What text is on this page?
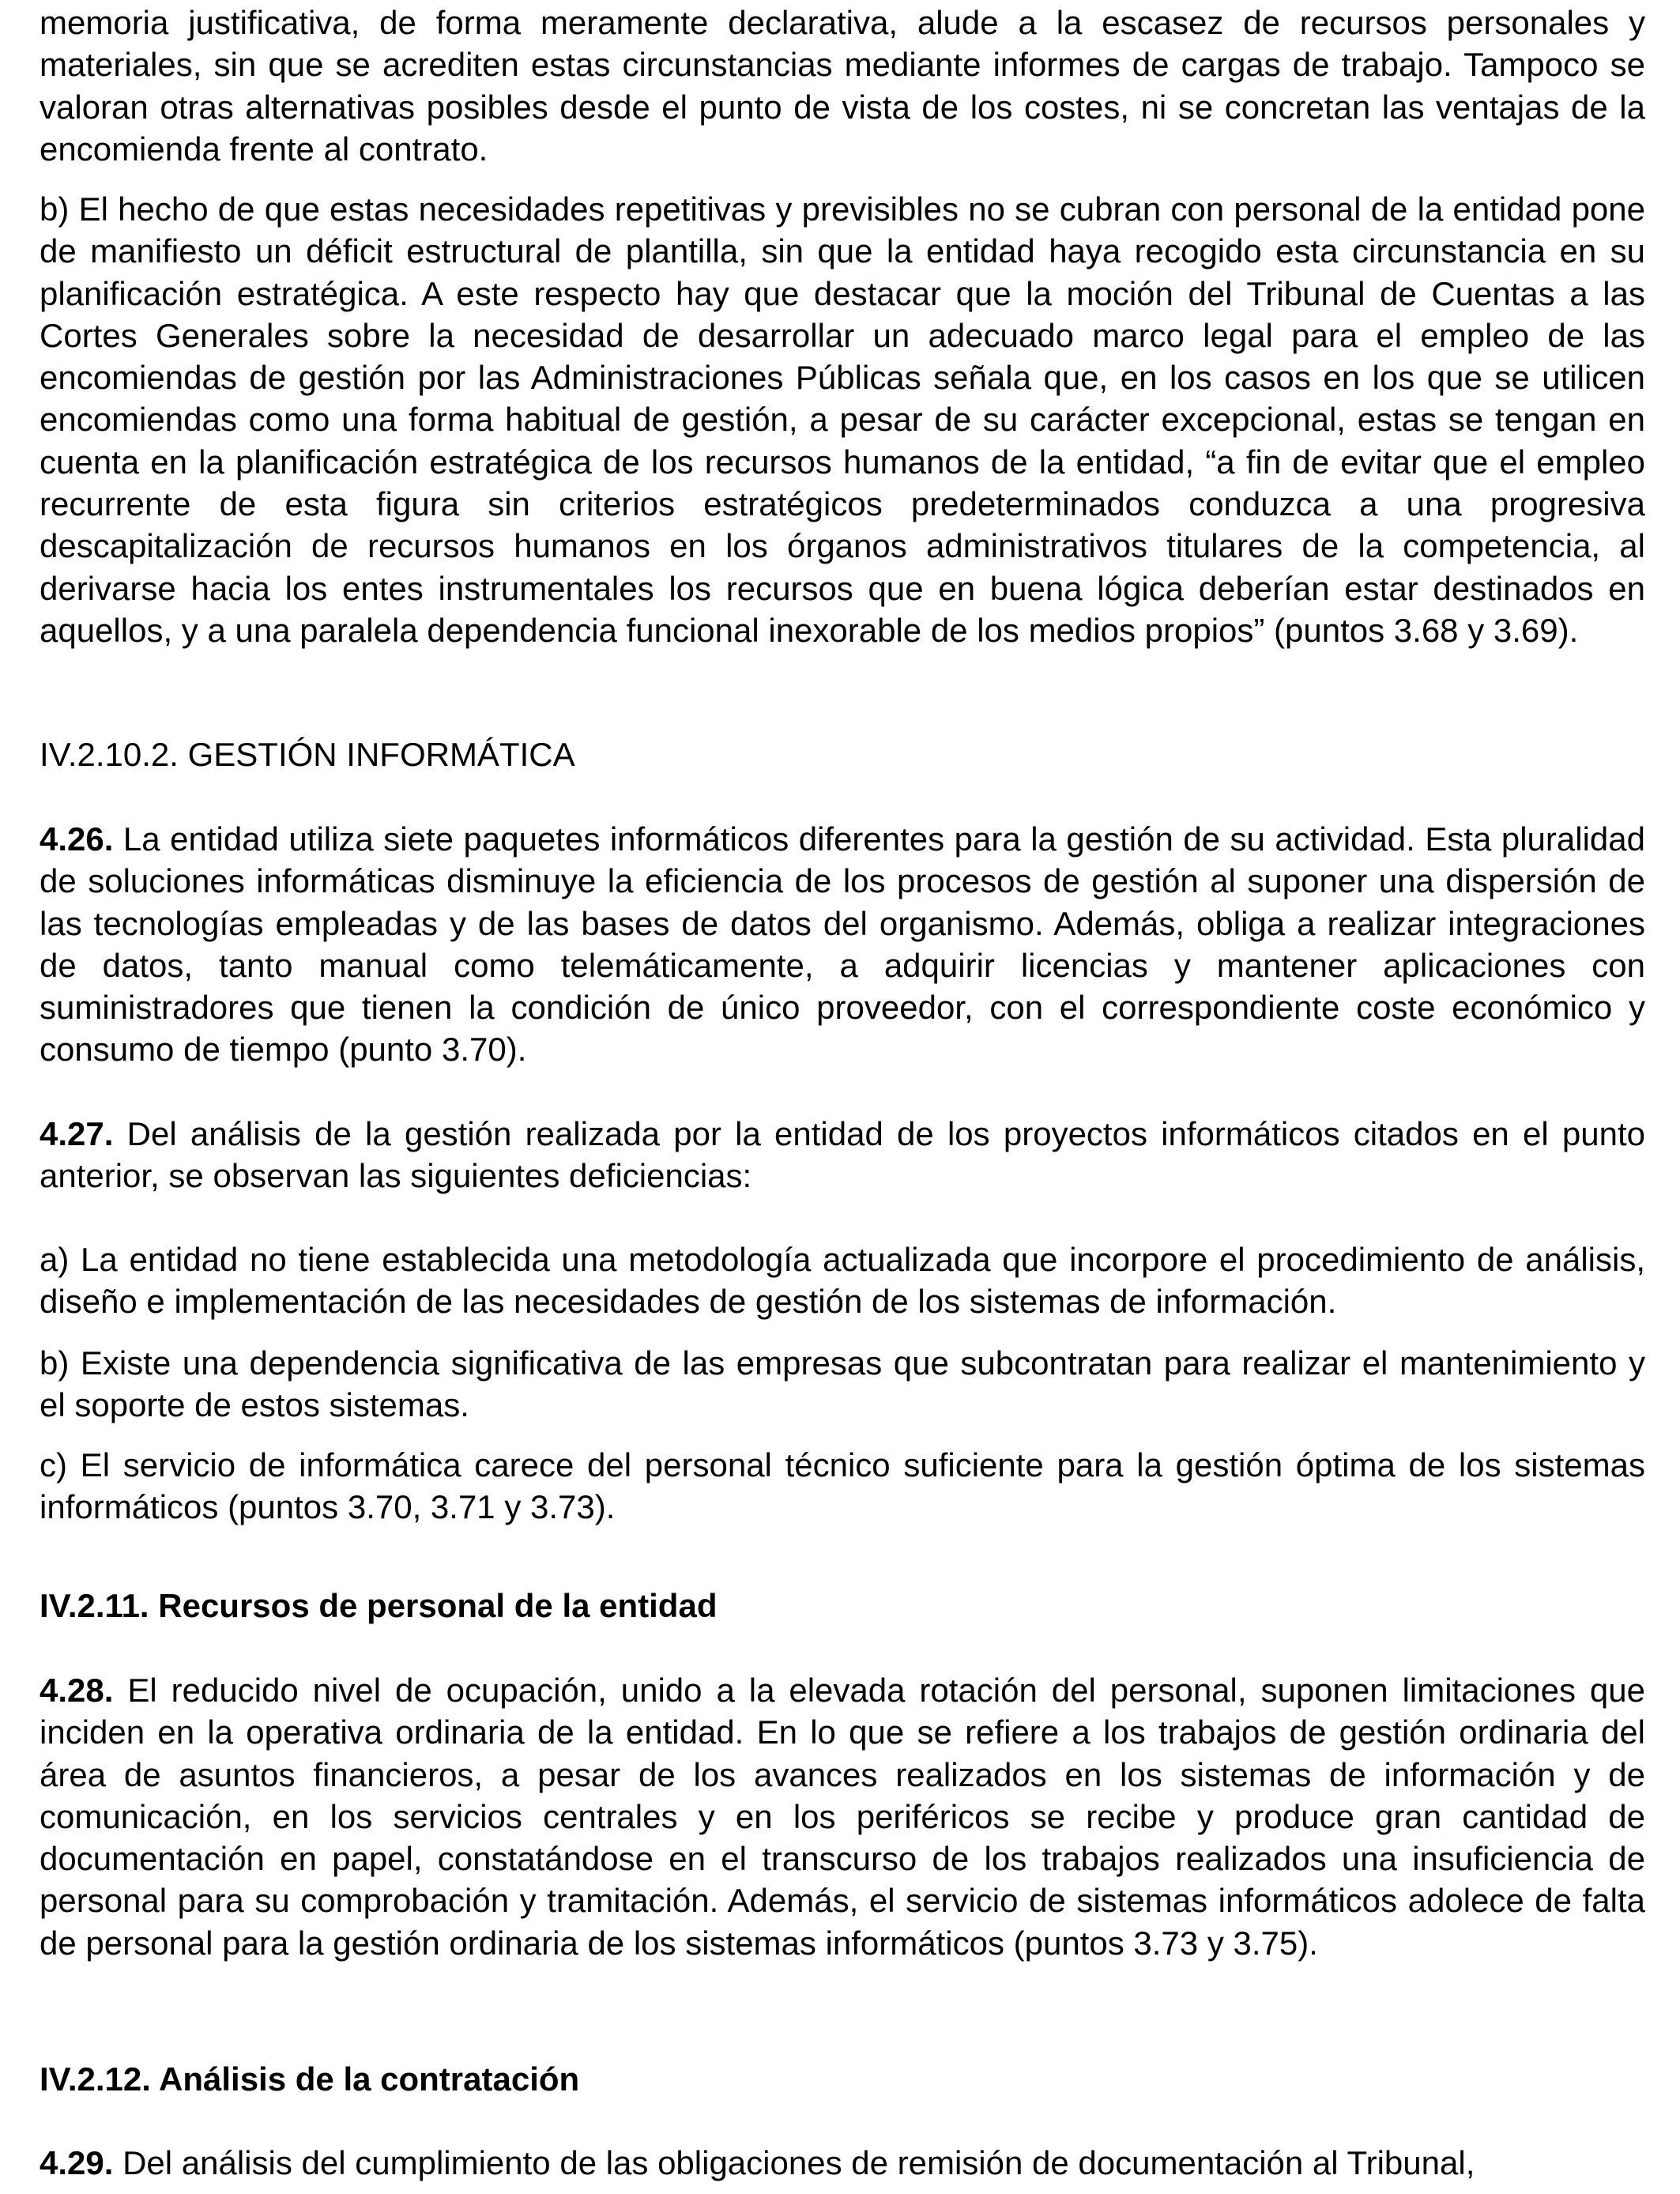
memoria justificativa, de forma meramente declarativa, alude a la escasez de recursos personales y materiales, sin que se acrediten estas circunstancias mediante informes de cargas de trabajo. Tampoco se valoran otras alternativas posibles desde el punto de vista de los costes, ni se concretan las ventajas de la encomienda frente al contrato.

b) El hecho de que estas necesidades repetitivas y previsibles no se cubran con personal de la entidad pone de manifiesto un déficit estructural de plantilla, sin que la entidad haya recogido esta circunstancia en su planificación estratégica. A este respecto hay que destacar que la moción del Tribunal de Cuentas a las Cortes Generales sobre la necesidad de desarrollar un adecuado marco legal para el empleo de las encomiendas de gestión por las Administraciones Públicas señala que, en los casos en los que se utilicen encomiendas como una forma habitual de gestión, a pesar de su carácter excepcional, estas se tengan en cuenta en la planificación estratégica de los recursos humanos de la entidad, “a fin de evitar que el empleo recurrente de esta figura sin criterios estratégicos predeterminados conduzca a una progresiva descapitalización de recursos humanos en los órganos administrativos titulares de la competencia, al derivarse hacia los entes instrumentales los recursos que en buena lógica deberían estar destinados en aquellos, y a una paralela dependencia funcional inexorable de los medios propios” (puntos 3.68 y 3.69).

IV.2.10.2. GESTIÓN INFORMÁTICA

4.26. La entidad utiliza siete paquetes informáticos diferentes para la gestión de su actividad. Esta pluralidad de soluciones informáticas disminuye la eficiencia de los procesos de gestión al suponer una dispersión de las tecnologías empleadas y de las bases de datos del organismo. Además, obliga a realizar integraciones de datos, tanto manual como telemáticamente, a adquirir licencias y mantener aplicaciones con suministradores que tienen la condición de único proveedor, con el correspondiente coste económico y consumo de tiempo (punto 3.70).

4.27. Del análisis de la gestión realizada por la entidad de los proyectos informáticos citados en el punto anterior, se observan las siguientes deficiencias:

a) La entidad no tiene establecida una metodología actualizada que incorpore el procedimiento de análisis, diseño e implementación de las necesidades de gestión de los sistemas de información.

b) Existe una dependencia significativa de las empresas que subcontratan para realizar el mantenimiento y el soporte de estos sistemas.

c) El servicio de informática carece del personal técnico suficiente para la gestión óptima de los sistemas informáticos (puntos 3.70, 3.71 y 3.73).

IV.2.11. Recursos de personal de la entidad

4.28. El reducido nivel de ocupación, unido a la elevada rotación del personal, suponen limitaciones que inciden en la operativa ordinaria de la entidad. En lo que se refiere a los trabajos de gestión ordinaria del área de asuntos financieros, a pesar de los avances realizados en los sistemas de información y de comunicación, en los servicios centrales y en los periféricos se recibe y produce gran cantidad de documentación en papel, constatándose en el transcurso de los trabajos realizados una insuficiencia de personal para su comprobación y tramitación. Además, el servicio de sistemas informáticos adolece de falta de personal para la gestión ordinaria de los sistemas informáticos (puntos 3.73 y 3.75).

IV.2.12. Análisis de la contratación

4.29. Del análisis del cumplimiento de las obligaciones de remisión de documentación al Tribunal,
